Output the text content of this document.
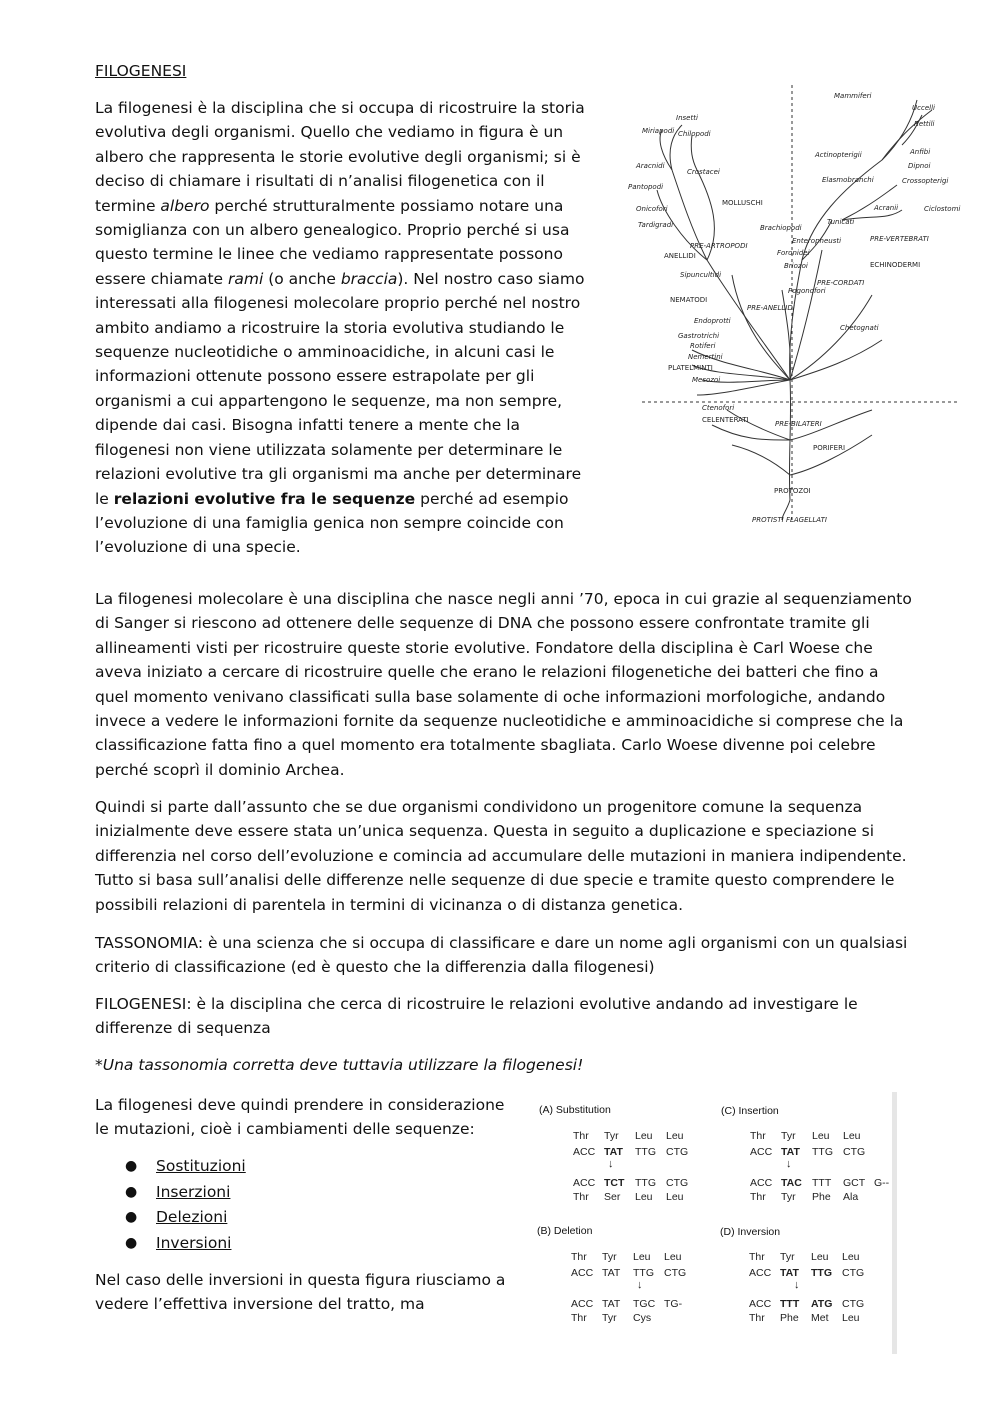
FILOGENESI

La filogenesi è la disciplina che si occupa di ricostruire la storia evolutiva degli organismi. Quello che vediamo in figura è un albero che rappresenta le storie evolutive degli organismi; si è deciso di chiamare i risultati di n’analisi filogenetica con il termine albero perché strutturalmente possiamo notare una somiglianza con un albero genealogico. Proprio perché si usa questo termine le linee che vediamo rappresentate possono essere chiamate rami (o anche braccia). Nel nostro caso siamo interessati alla filogenesi molecolare proprio perché nel nostro ambito andiamo a ricostruire la storia evolutiva studiando le sequenze nucleotidiche o amminoacidiche, in alcuni casi le informazioni ottenute possono essere estrapolate per gli organismi a cui appartengono le sequenze, ma non sempre, dipende dai casi. Bisogna infatti tenere a mente che la filogenesi non viene utilizzata solamente per determinare le relazioni evolutive tra gli organismi ma anche per determinare le relazioni evolutive fra le sequenze perché ad esempio l’evoluzione di una famiglia genica non sempre coincide con l’evoluzione di una specie.

Mammiferi
Uccelli
Rettili
Insetti
Miriapodi Chilopodi
Actinopterigii	Anfibi
Dipnoi
Aracnidi
Crostacei
Elasmobranchi	Crossopterigi
Pantopodi
MOLLUSCHI
Acranii	Ciclostomi
Onicofori
Tunicati
Brachiopodi
Tardigradi
PRE-VERTEBRATI
Enteropneusti
PRE-ARTROPODI
ANELLIDI	Foronidei
Briozoi	ECHINODERMI
Sipuncultidi
PRE-CORDATI
Pogonofori
NEMATODI
PRE-ANELLIDI
Chetognati
Endoprotti
Gastrotrichi
Rotiferi
Nemertini
PLATELMINTI
Mesozoi
Ctenofori
CELENTERATI	PRE-BILATERI
PORIFERI
PROTOZOI
PROTISTI FLAGELLATI

La filogenesi molecolare è una disciplina che nasce negli anni ’70, epoca in cui grazie al sequenziamento di Sanger si riescono ad ottenere delle sequenze di DNA che possono essere confrontate tramite gli allineamenti visti per ricostruire queste storie evolutive. Fondatore della disciplina è Carl Woese che aveva iniziato a cercare di ricostruire quelle che erano le relazioni filogenetiche dei batteri che fino a quel momento venivano classificati sulla base solamente di oche informazioni morfologiche, andando invece a vedere le informazioni fornite da sequenze nucleotidiche e amminoacidiche si comprese che la classificazione fatta fino a quel momento era totalmente sbagliata. Carlo Woese divenne poi celebre perché scoprì il dominio Archea.

Quindi si parte dall’assunto che se due organismi condividono un progenitore comune la sequenza inizialmente deve essere stata un’unica sequenza. Questa in seguito a duplicazione e speciazione si differenzia nel corso dell’evoluzione e comincia ad accumulare delle mutazioni in maniera indipendente. Tutto si basa sull’analisi delle differenze nelle sequenze di due specie e tramite questo comprendere le possibili relazioni di parentela in termini di vicinanza o di distanza genetica.

TASSONOMIA: è una scienza che si occupa di classificare e dare un nome agli organismi con un qualsiasi criterio di classificazione (ed è questo che la differenzia dalla filogenesi)

FILOGENESI: è la disciplina che cerca di ricostruire le relazioni evolutive andando ad investigare le differenze di sequenza

*Una tassonomia corretta deve tuttavia utilizzare la filogenesi!

La filogenesi deve quindi prendere in considerazione le mutazioni, cioè i cambiamenti delle sequenze:

● Sostituzioni
● Inserzioni
● Delezioni
● Inversioni

Nel caso delle inversioni in questa figura riusciamo a vedere l’effettiva inversione del tratto, ma

(A) Substitution
Thr Tyr Leu Leu
ACC TAT TTG CTG
↓
ACC TCT TTG CTG
Thr Ser Leu Leu
(C) Insertion
Thr Tyr Leu Leu
ACC TAT TTG CTG
↓
ACC TAC TTT GCT G--
Thr Tyr Phe Ala
(B) Deletion
Thr Tyr Leu Leu
ACC TAT TTG CTG
↓
ACC TAT TGC TG-
Thr Tyr Cys
(D) Inversion
Thr Tyr Leu Leu
ACC TAT TTG CTG
↓
ACC TTT ATG CTG
Thr Phe Met Leu
